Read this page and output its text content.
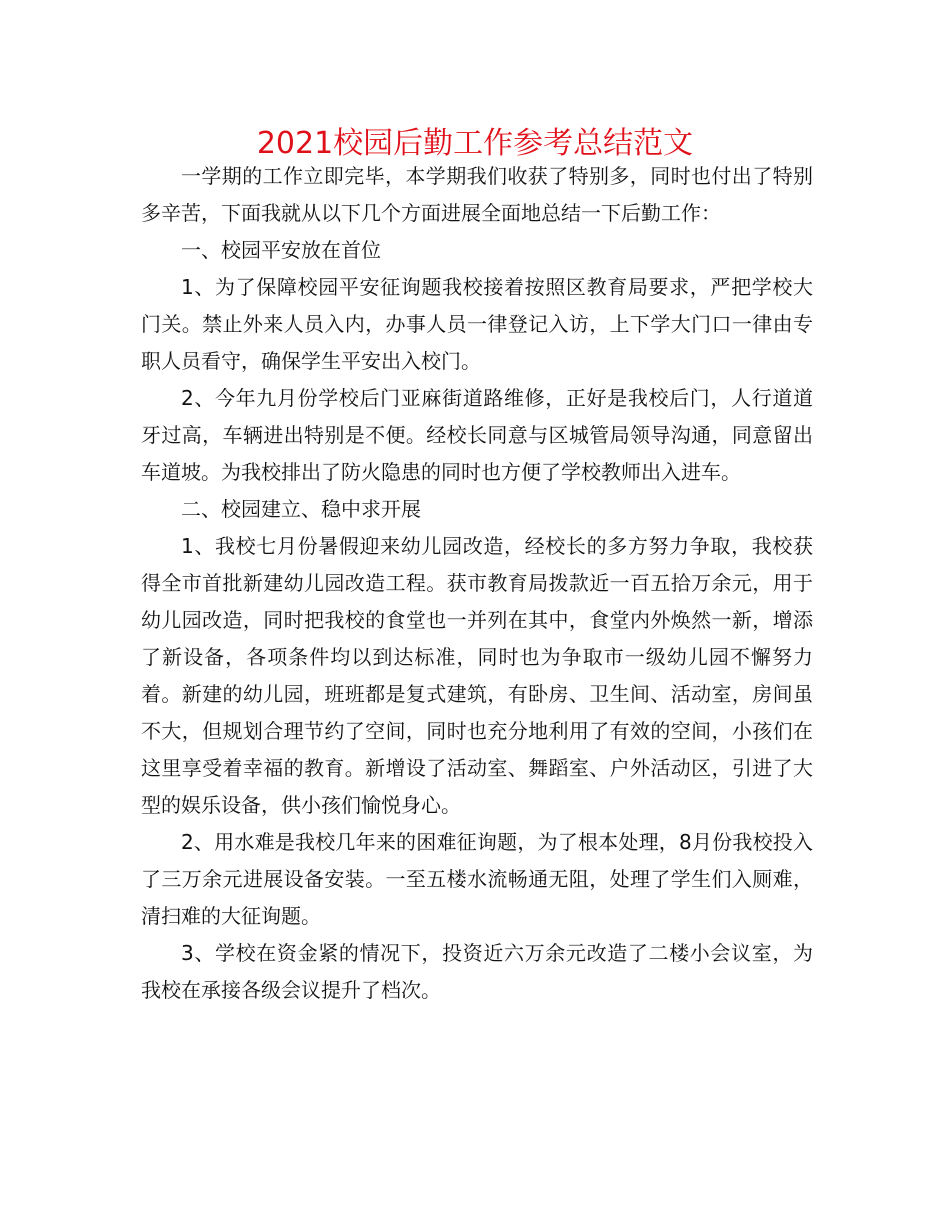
2021校园后勤工作参考总结范文

一学期的工作立即完毕，本学期我们收获了特别多，同时也付出了特别多辛苦，下面我就从以下几个方面进展全面地总结一下后勤工作：

一、校园平安放在首位

1、为了保障校园平安征询题我校接着按照区教育局要求，严把学校大门关。禁止外来人员入内，办事人员一律登记入访，上下学大门口一律由专职人员看守，确保学生平安出入校门。

2、今年九月份学校后门亚麻街道路维修，正好是我校后门，人行道道牙过高，车辆进出特别是不便。经校长同意与区城管局领导沟通，同意留出车道坡。为我校排出了防火隐患的同时也方便了学校教师出入进车。

二、校园建立、稳中求开展

1、我校七月份暑假迎来幼儿园改造，经校长的多方努力争取，我校获得全市首批新建幼儿园改造工程。获市教育局拨款近一百五拾万余元，用于幼儿园改造，同时把我校的食堂也一并列在其中，食堂内外焕然一新，增添了新设备，各项条件均以到达标准，同时也为争取市一级幼儿园不懈努力着。新建的幼儿园，班班都是复式建筑，有卧房、卫生间、活动室，房间虽不大，但规划合理节约了空间，同时也充分地利用了有效的空间，小孩们在这里享受着幸福的教育。新增设了活动室、舞蹈室、户外活动区，引进了大型的娱乐设备，供小孩们愉悦身心。

2、用水难是我校几年来的困难征询题，为了根本处理，8月份我校投入了三万余元进展设备安装。一至五楼水流畅通无阻，处理了学生们入厕难，清扫难的大征询题。

3、学校在资金紧的情况下，投资近六万余元改造了二楼小会议室，为我校在承接各级会议提升了档次。
